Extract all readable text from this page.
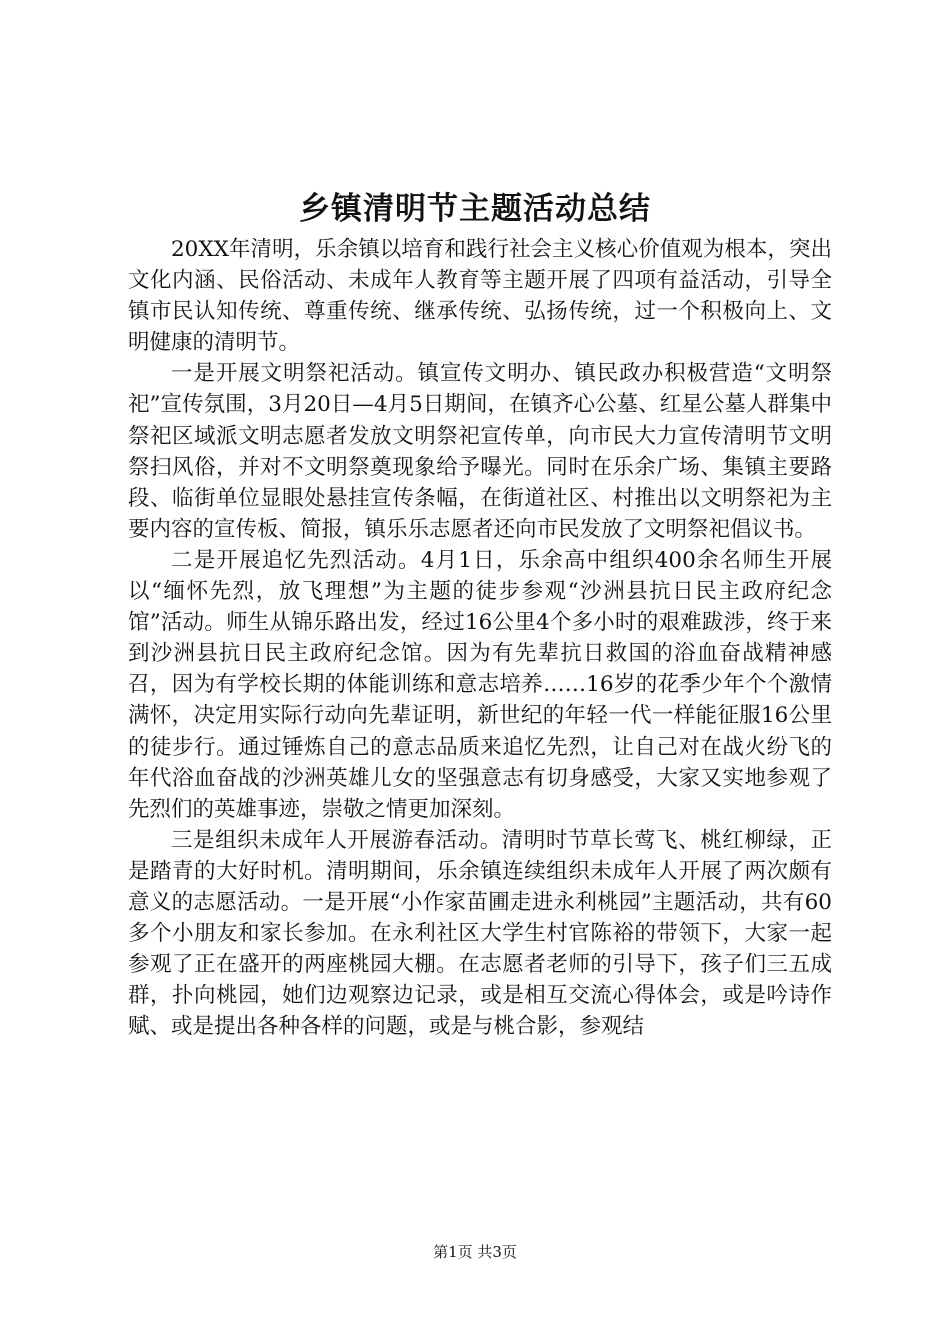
乡镇清明节主题活动总结

20XX年清明，乐余镇以培育和践行社会主义核心价值观为根本，突出文化内涵、民俗活动、未成年人教育等主题开展了四项有益活动，引导全镇市民认知传统、尊重传统、继承传统、弘扬传统，过一个积极向上、文明健康的清明节。

一是开展文明祭祀活动。镇宣传文明办、镇民政办积极营造“文明祭祀”宣传氛围，3月20日—4月5日期间，在镇齐心公墓、红星公墓人群集中祭祀区域派文明志愿者发放文明祭祀宣传单，向市民大力宣传清明节文明祭扫风俗，并对不文明祭奠现象给予曝光。同时在乐余广场、集镇主要路段、临街单位显眼处悬挂宣传条幅，在街道社区、村推出以文明祭祀为主要内容的宣传板、简报，镇乐乐志愿者还向市民发放了文明祭祀倡议书。

二是开展追忆先烈活动。4月1日，乐余高中组织400余名师生开展以“缅怀先烈，放飞理想”为主题的徒步参观“沙洲县抗日民主政府纪念馆”活动。师生从锦乐路出发，经过16公里4个多小时的艰难跋涉，终于来到沙洲县抗日民主政府纪念馆。因为有先辈抗日救国的浴血奋战精神感召，因为有学校长期的体能训练和意志培养……16岁的花季少年个个激情满怀，决定用实际行动向先辈证明，新世纪的年轻一代一样能征服16公里的徒步行。通过锤炼自己的意志品质来追忆先烈，让自己对在战火纷飞的年代浴血奋战的沙洲英雄儿女的坚强意志有切身感受，大家又实地参观了先烈们的英雄事迹，崇敬之情更加深刻。

三是组织未成年人开展游春活动。清明时节草长莺飞、桃红柳绿，正是踏青的大好时机。清明期间，乐余镇连续组织未成年人开展了两次颇有意义的志愿活动。一是开展“小作家苗圃走进永利桃园”主题活动，共有60多个小朋友和家长参加。在永利社区大学生村官陈裕的带领下，大家一起参观了正在盛开的两座桃园大棚。在志愿者老师的引导下，孩子们三五成群，扑向桃园，她们边观察边记录，或是相互交流心得体会，或是吟诗作赋、或是提出各种各样的问题，或是与桃合影，参观结

第1页 共3页
